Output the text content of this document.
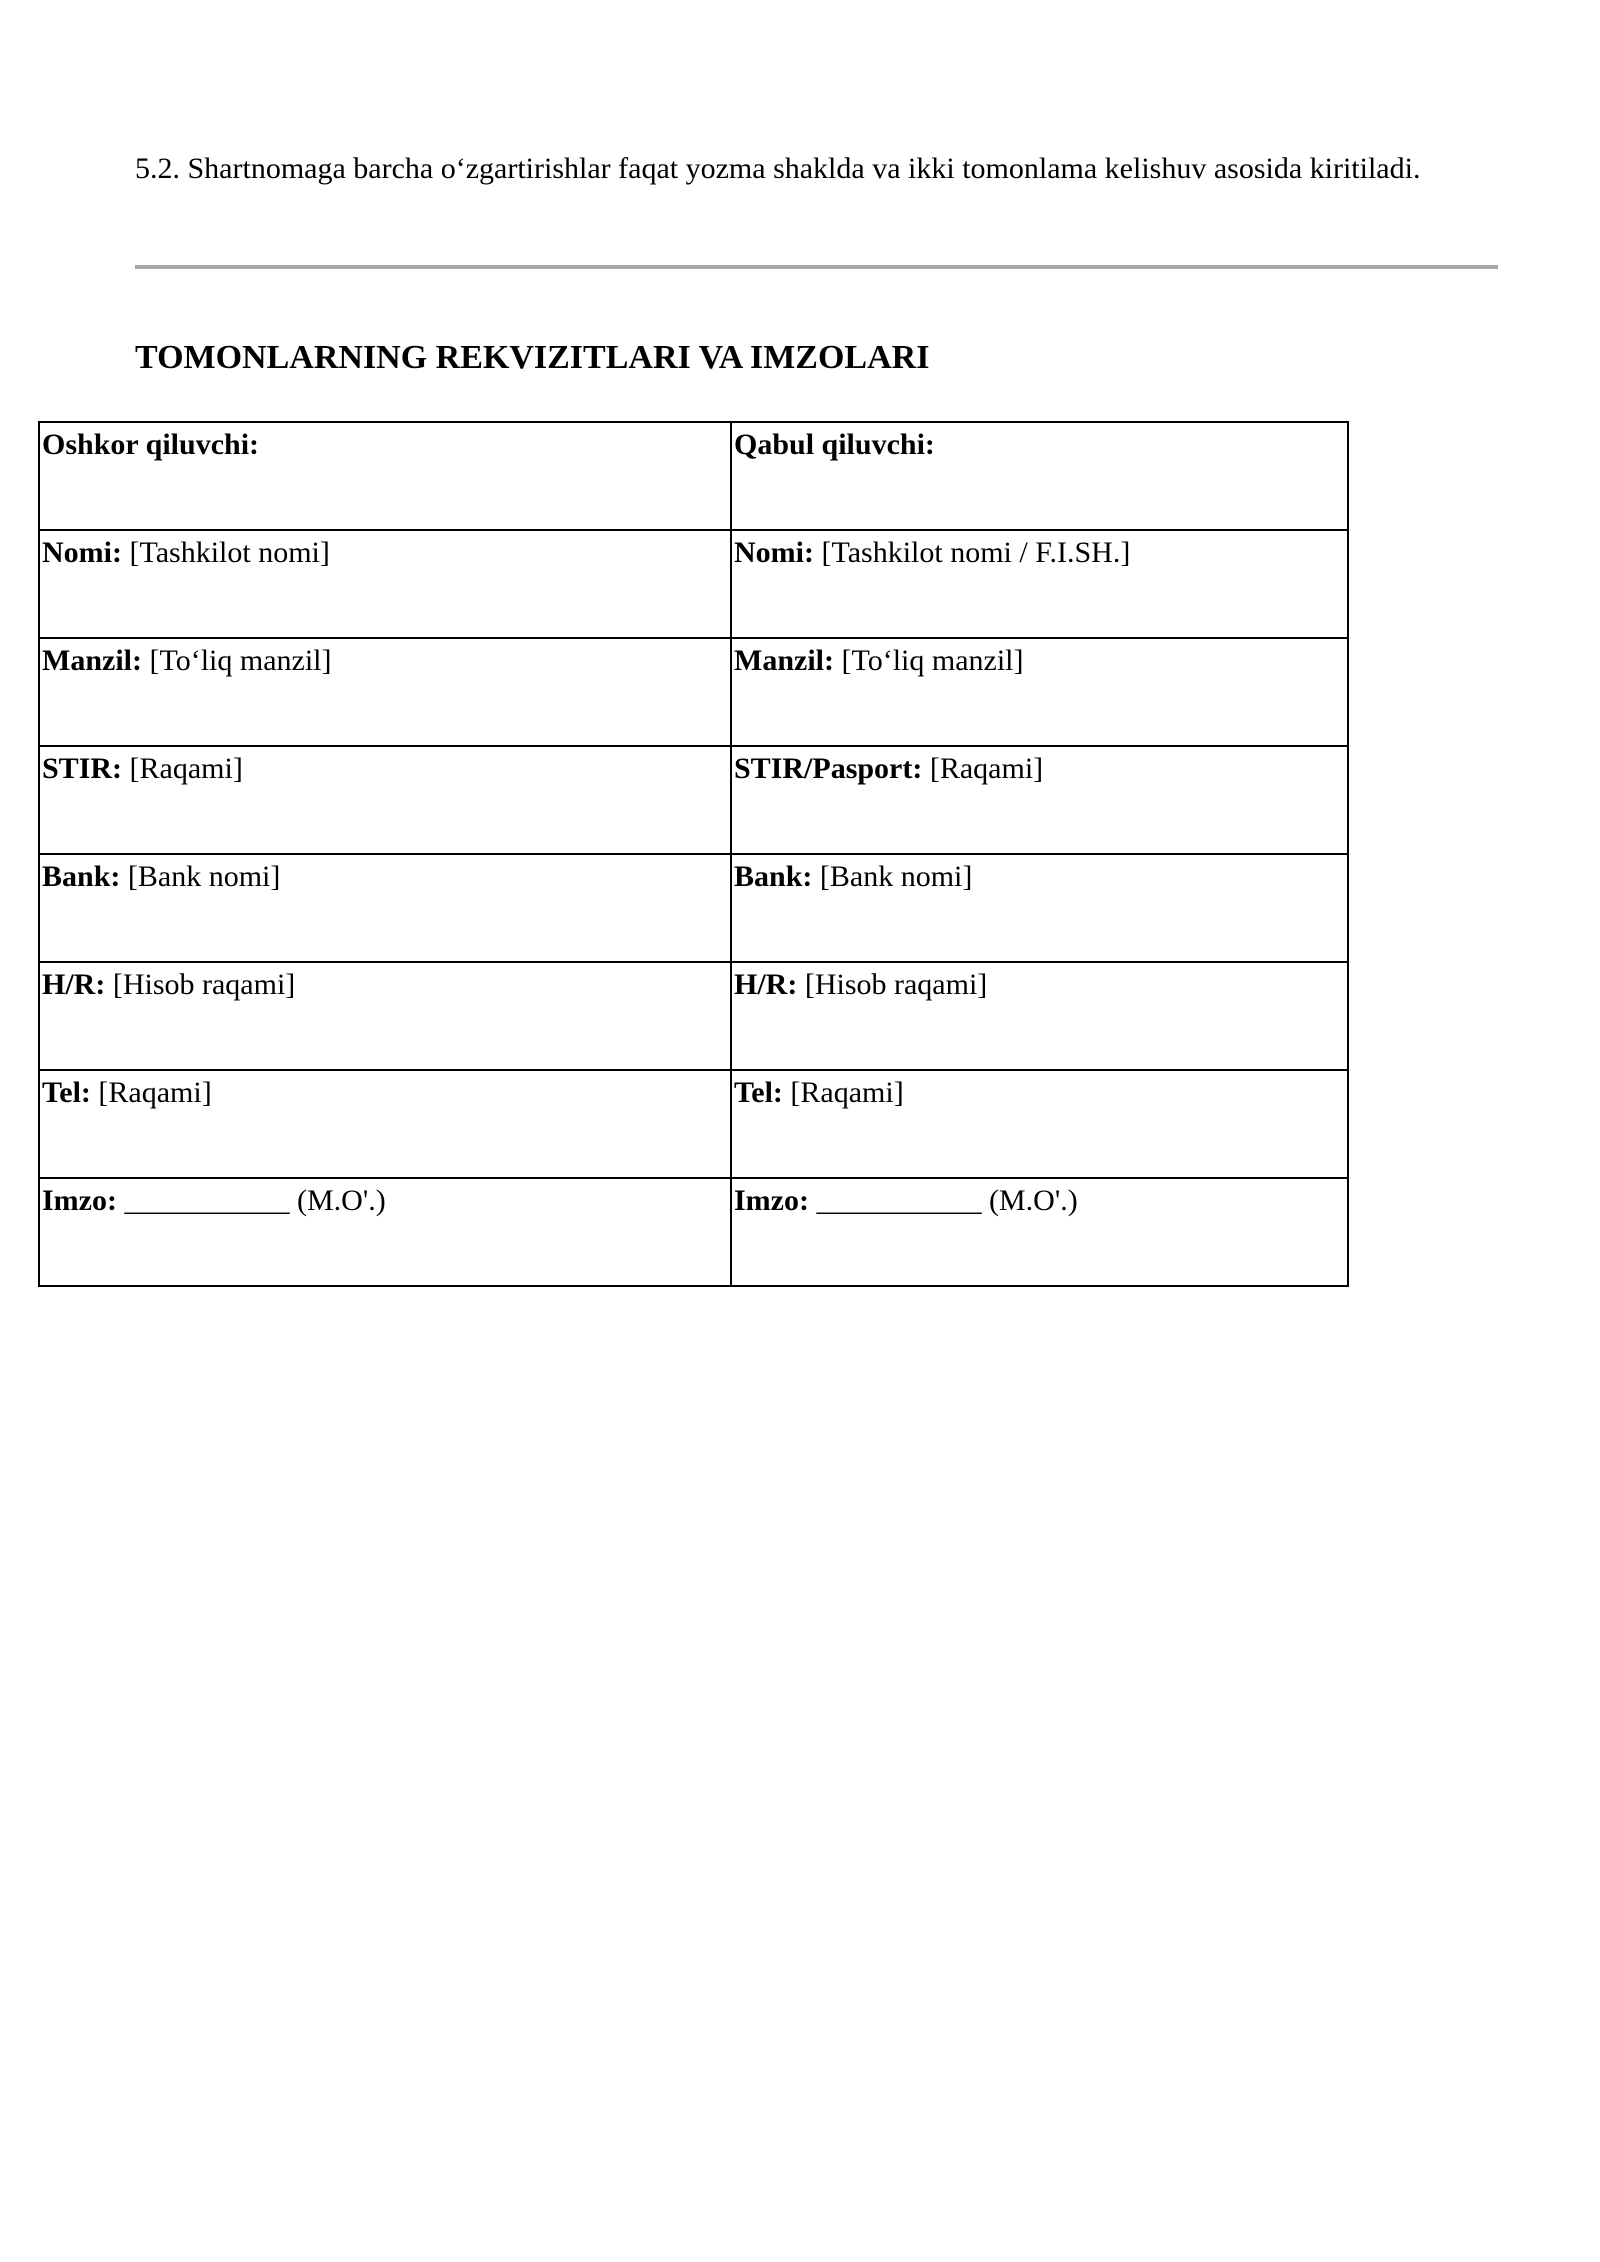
5.2. Shartnomaga barcha o‘zgartirishlar faqat yozma shaklda va ikki tomonlama kelishuv asosida kiritiladi.

TOMONLARNING REKVIZITLARI VA IMZOLARI
Oshkor qiluvchi:	Qabul qiluvchi:
Nomi: [Tashkilot nomi]	Nomi: [Tashkilot nomi / F.I.SH.]
Manzil: [To‘liq manzil]	Manzil: [To‘liq manzil]
STIR: [Raqami]	STIR/Pasport: [Raqami]
Bank: [Bank nomi]	Bank: [Bank nomi]
H/R: [Hisob raqami]	H/R: [Hisob raqami]
Tel: [Raqami]	Tel: [Raqami]
Imzo: ___________ (M.O'.)	Imzo: ___________ (M.O'.)
